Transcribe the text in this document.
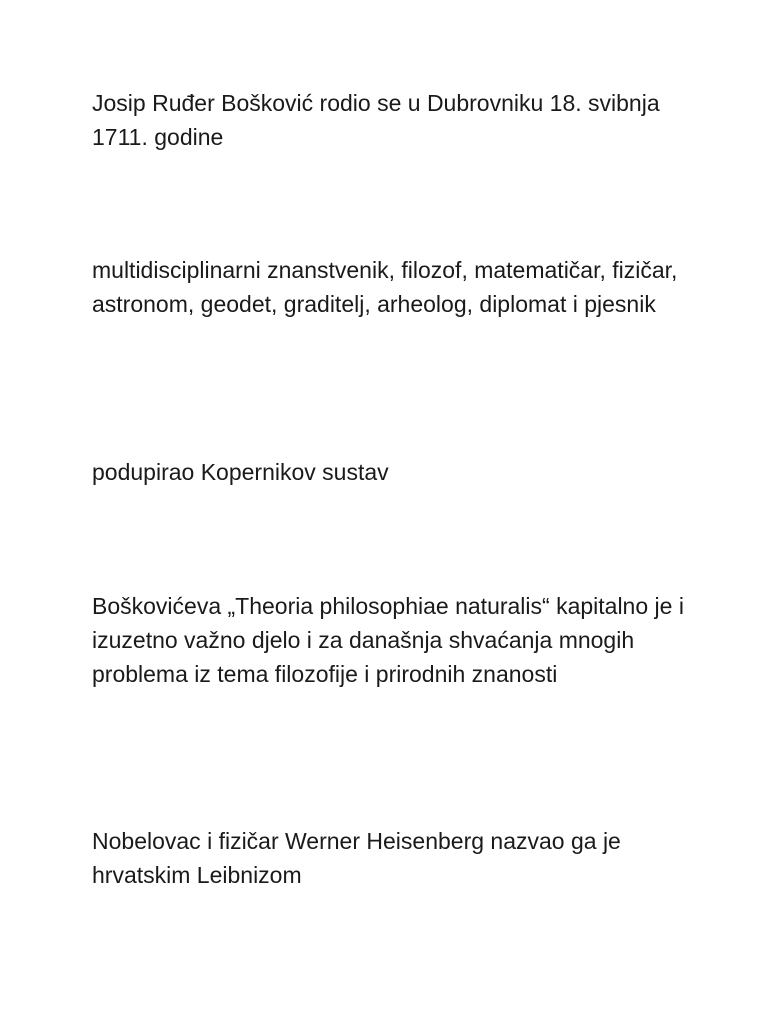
Josip Ruđer Bošković rodio se u Dubrovniku 18. svibnja 1711. godine

multidisciplinarni znanstvenik, filozof, matematičar, fizičar, astronom, geodet, graditelj, arheolog, diplomat i pjesnik

podupirao Kopernikov sustav

Boškovićeva „Theoria philosophiae naturalis“ kapitalno je i izuzetno važno djelo i za današnja shvaćanja mnogih problema iz tema filozofije i prirodnih znanosti

Nobelovac i fizičar Werner Heisenberg nazvao ga je hrvatskim Leibnizom
